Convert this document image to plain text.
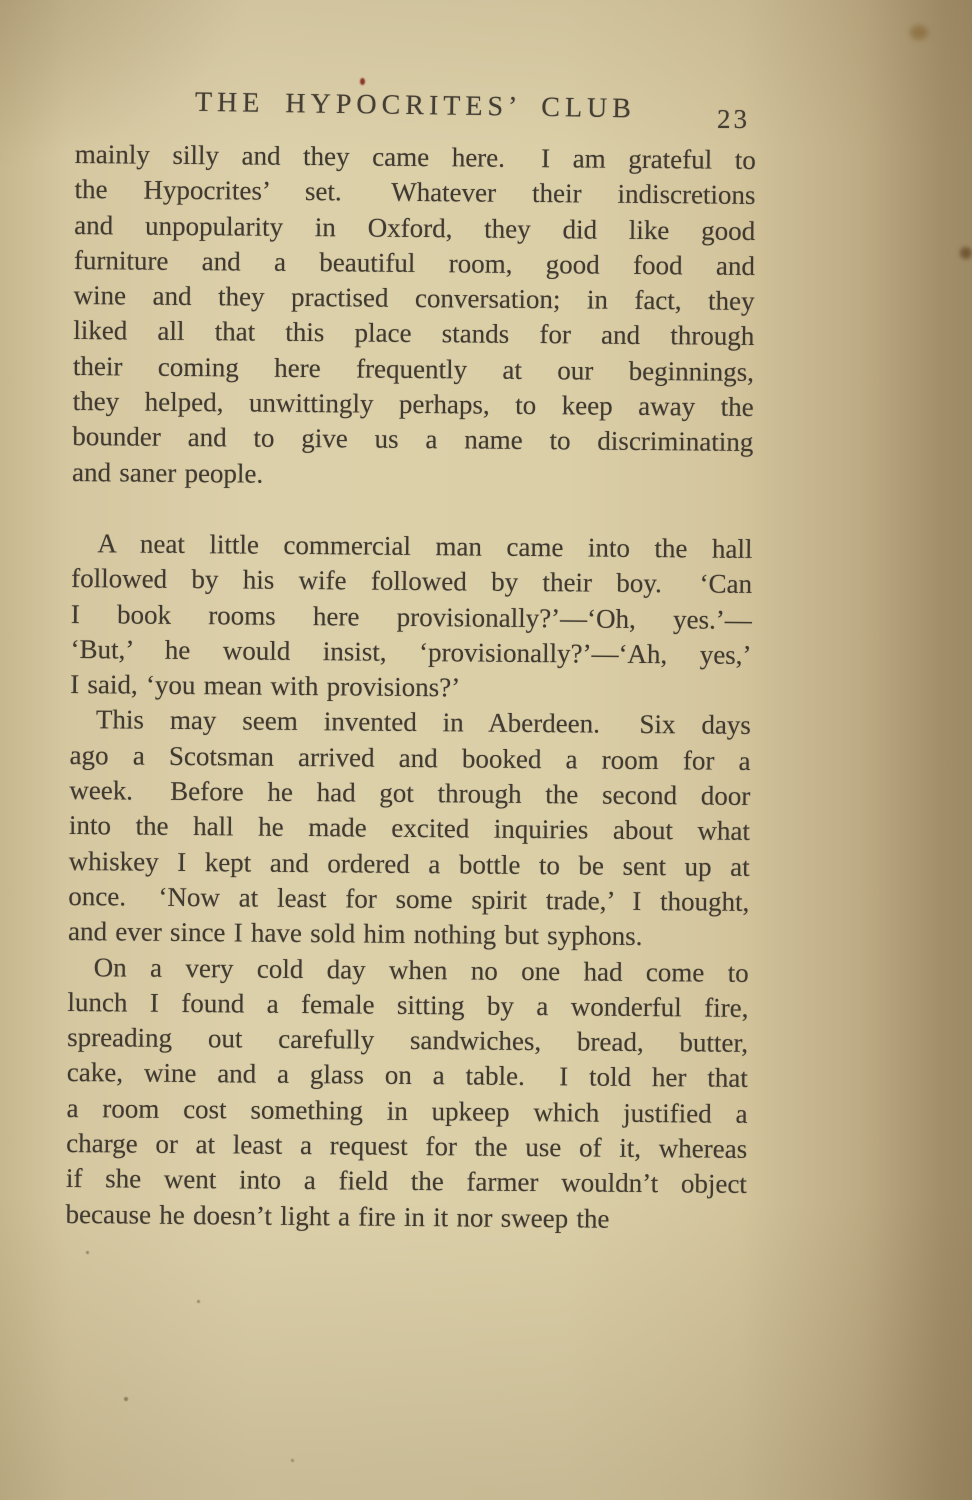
THE HYPOCRITES’ CLUB	23
mainly silly and they came here.  I am grateful to
the Hypocrites’ set.  Whatever their indiscretions
and unpopularity in Oxford, they did like good
furniture and a beautiful room, good food and
wine and they practised conversation; in fact, they
liked all that this place stands for and through
their coming here frequently at our beginnings,
they helped, unwittingly perhaps, to keep away the
bounder and to give us a name to discriminating
and saner people.
A neat little commercial man came into the hall
followed by his wife followed by their boy.  ‘Can
I book rooms here provisionally?’—‘Oh, yes.’—
‘But,’ he would insist, ‘provisionally?’—‘Ah, yes,’
I said, ‘you mean with provisions?’
This may seem invented in Aberdeen.  Six days
ago a Scotsman arrived and booked a room for a
week.  Before he had got through the second door
into the hall he made excited inquiries about what
whiskey I kept and ordered a bottle to be sent up at
once.  ‘Now at least for some spirit trade,’ I thought,
and ever since I have sold him nothing but syphons.
On a very cold day when no one had come to
lunch I found a female sitting by a wonderful fire,
spreading out carefully sandwiches, bread, butter,
cake, wine and a glass on a table.  I told her that
a room cost something in upkeep which justified a
charge or at least a request for the use of it, whereas
if she went into a field the farmer wouldn’t object
because he doesn’t light a fire in it nor sweep the
